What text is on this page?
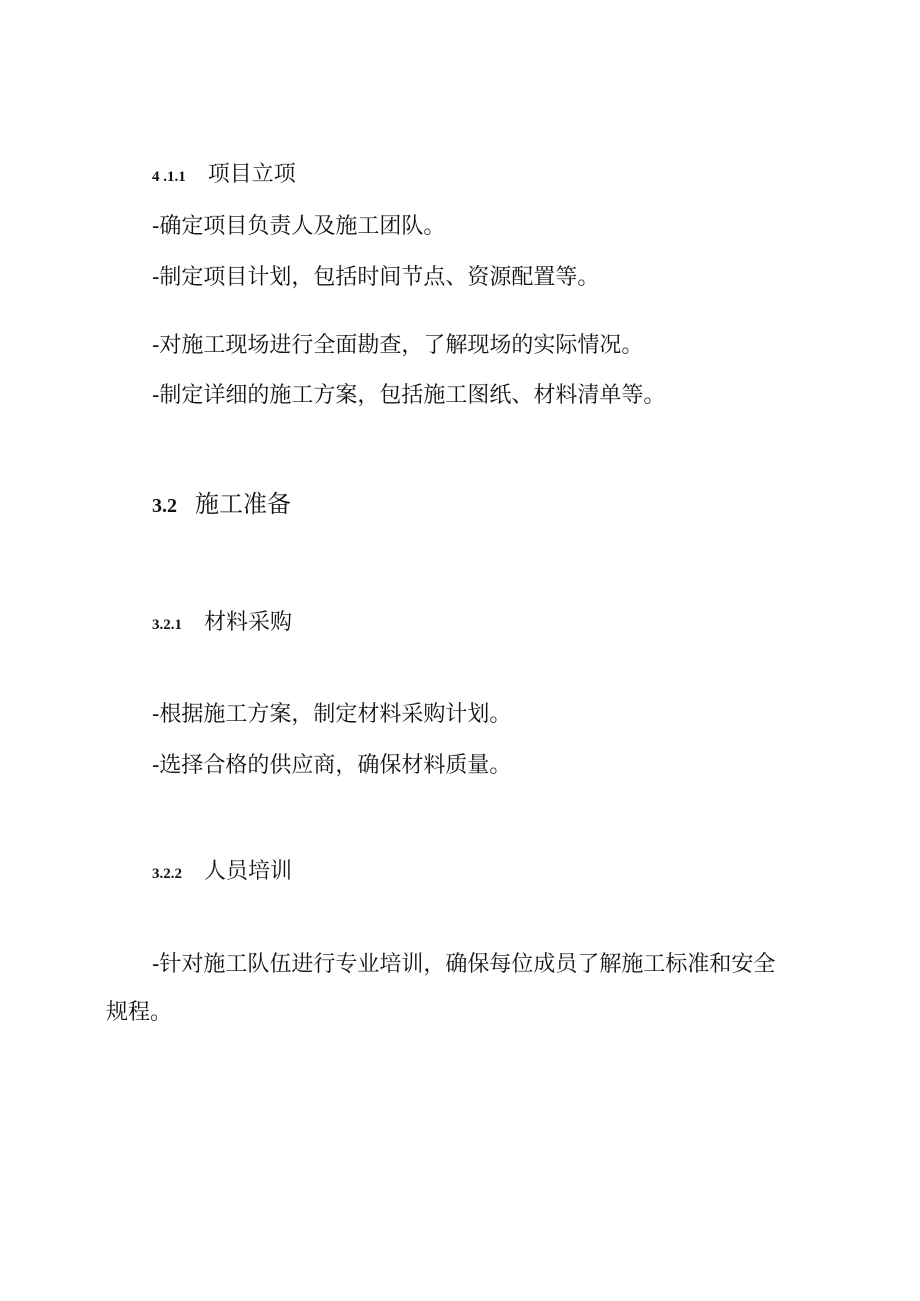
4 .1.1 项目立项
-确定项目负责人及施工团队。
-制定项目计划，包括时间节点、资源配置等。
-对施工现场进行全面勘查，了解现场的实际情况。
-制定详细的施工方案，包括施工图纸、材料清单等。
3.2 施工准备
3.2.1 材料采购
-根据施工方案，制定材料采购计划。
-选择合格的供应商，确保材料质量。
3.2.2 人员培训
-针对施工队伍进行专业培训，确保每位成员了解施工标准和安全
规程。
